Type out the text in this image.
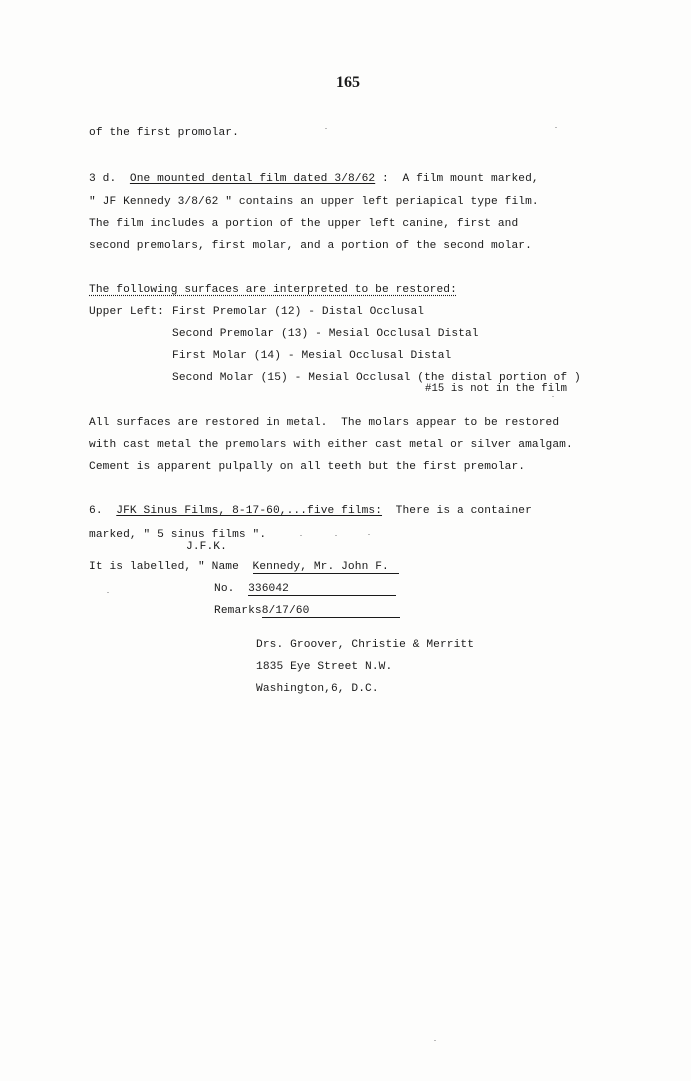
165
of the first promolar.
3 d. One mounted dental film dated 3/8/62 :  A film mount marked,
" JF Kennedy 3/8/62 " contains an upper left periapical type film.
The film includes a portion of the upper left canine, first and
second premolars, first molar, and a portion of the second molar.
The following surfaces are interpreted to be restored:
Upper Left: First Premolar (12) - Distal Occlusal
Second Premolar (13) - Mesial Occlusal Distal
First Molar (14) - Mesial Occlusal Distal
Second Molar (15) - Mesial Occlusal (the distal portion of )
#15 is not in the film
All surfaces are restored in metal.  The molars appear to be restored
with cast metal the premolars with either cast metal or silver amalgam.
Cement is apparent pulpally on all teeth but the first premolar.
6. JFK Sinus Films, 8-17-60,...five films:  There is a container
marked, " 5 sinus films ".
J.F.K.
It is labelled, " Name Kennedy, Mr. John F.
No. 336042
Remarks8/17/60
Drs. Groover, Christie & Merritt
1835 Eye Street N.W.
Washington,6, D.C.
